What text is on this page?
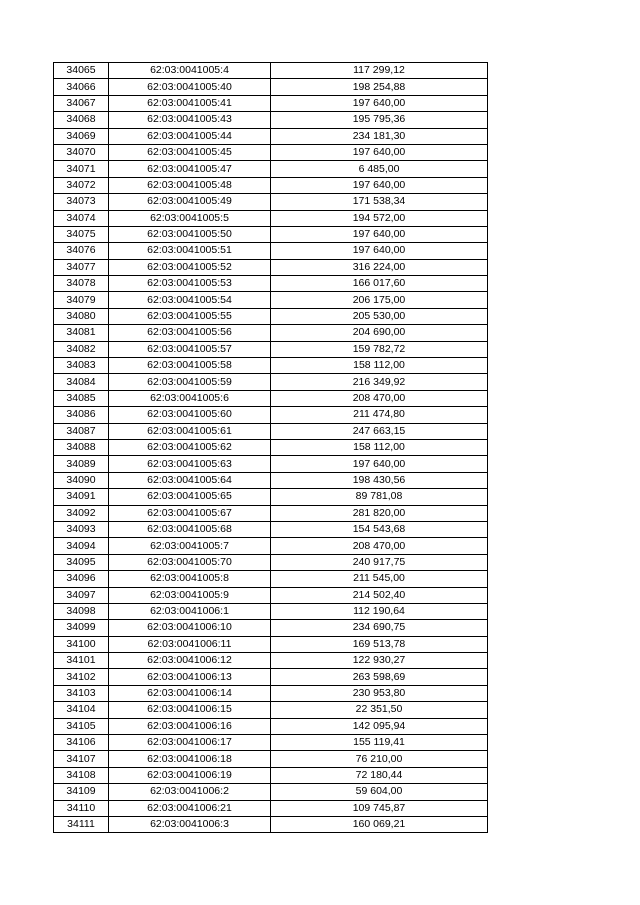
34065	62:03:0041005:4	117 299,12
34066	62:03:0041005:40	198 254,88
34067	62:03:0041005:41	197 640,00
34068	62:03:0041005:43	195 795,36
34069	62:03:0041005:44	234 181,30
34070	62:03:0041005:45	197 640,00
34071	62:03:0041005:47	6 485,00
34072	62:03:0041005:48	197 640,00
34073	62:03:0041005:49	171 538,34
34074	62:03:0041005:5	194 572,00
34075	62:03:0041005:50	197 640,00
34076	62:03:0041005:51	197 640,00
34077	62:03:0041005:52	316 224,00
34078	62:03:0041005:53	166 017,60
34079	62:03:0041005:54	206 175,00
34080	62:03:0041005:55	205 530,00
34081	62:03:0041005:56	204 690,00
34082	62:03:0041005:57	159 782,72
34083	62:03:0041005:58	158 112,00
34084	62:03:0041005:59	216 349,92
34085	62:03:0041005:6	208 470,00
34086	62:03:0041005:60	211 474,80
34087	62:03:0041005:61	247 663,15
34088	62:03:0041005:62	158 112,00
34089	62:03:0041005:63	197 640,00
34090	62:03:0041005:64	198 430,56
34091	62:03:0041005:65	89 781,08
34092	62:03:0041005:67	281 820,00
34093	62:03:0041005:68	154 543,68
34094	62:03:0041005:7	208 470,00
34095	62:03:0041005:70	240 917,75
34096	62:03:0041005:8	211 545,00
34097	62:03:0041005:9	214 502,40
34098	62:03:0041006:1	112 190,64
34099	62:03:0041006:10	234 690,75
34100	62:03:0041006:11	169 513,78
34101	62:03:0041006:12	122 930,27
34102	62:03:0041006:13	263 598,69
34103	62:03:0041006:14	230 953,80
34104	62:03:0041006:15	22 351,50
34105	62:03:0041006:16	142 095,94
34106	62:03:0041006:17	155 119,41
34107	62:03:0041006:18	76 210,00
34108	62:03:0041006:19	72 180,44
34109	62:03:0041006:2	59 604,00
34110	62:03:0041006:21	109 745,87
34111	62:03:0041006:3	160 069,21
